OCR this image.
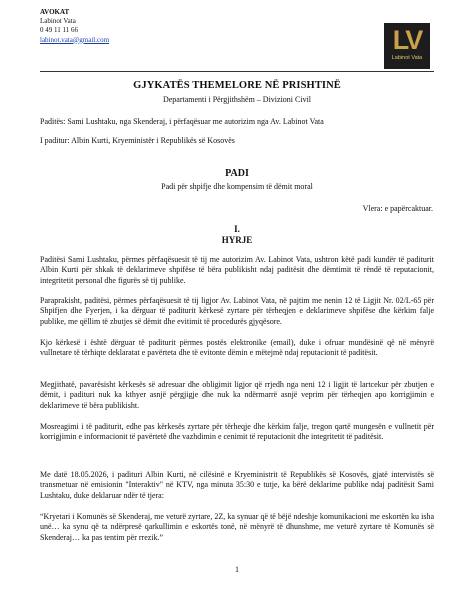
AVOKAT
Labinot Vata
0 49 11 11 66
labinot.vata@gmail.com	LV
Labinot Vata
GJYKATËS THEMELORE NË PRISHTINË
Departamenti i Përgjithshëm – Divizioni Civil
Paditës: Sami Lushtaku, nga Skenderaj, i përfaqësuar me autorizim nga Av. Labinot Vata
I paditur: Albin Kurti, Kryeministër i Republikës së Kosovës
PADI
Padi për shpifje dhe kompensim të dëmit moral
Vlera: e papërcaktuar.
I.
HYRJE
Paditësi Sami Lushtaku, përmes përfaqësuesit të tij me autorizim Av. Labinot Vata, ushtron këtë padi kundër të paditurit Albin Kurti për shkak të deklarimeve shpifëse të bëra publikisht ndaj paditësit dhe dëmtimit të rëndë të reputacionit, integritetit personal dhe figurës së tij publike.
Paraprakisht, paditësi, përmes përfaqësuesit të tij ligjor Av. Labinot Vata, në pajtim me nenin 12 të Ligjit Nr. 02/L-65 për Shpifjen dhe Fyerjen, i ka dërguar të paditurit kërkesë zyrtare për tërheqjen e deklarimeve shpifëse dhe kërkim falje publike, me qëllim të zbutjes së dëmit dhe evitimit të procedurës gjyqësore.
Kjo kërkesë i është dërguar të paditurit përmes postës elektronike (email), duke i ofruar mundësinë që në mënyrë vullnetare të tërhiqte deklaratat e pavërteta dhe të evitonte dëmin e mëtejmë ndaj reputacionit të paditësit.
Megjithatë, pavarësisht kërkesës së adresuar dhe obligimit ligjor që rrjedh nga neni 12 i ligjit të lartcekur për zbutjen e dëmit, i padituri nuk ka kthyer asnjë përgjigje dhe nuk ka ndërmarrë asnjë veprim për tërheqjen apo korrigjimin e deklarimeve të bëra publikisht.
Mosreagimi i të paditurit, edhe pas kërkesës zyrtare për tërheqje dhe kërkim falje, tregon qartë mungesën e vullnetit për korrigjimin e informacionit të pavërtetë dhe vazhdimin e cenimit të reputacionit dhe integritetit të paditësit.
Me datë 18.05.2026, i padituri Albin Kurti, në cilësinë e Kryeministrit të Republikës së Kosovës, gjatë intervistës së transmetuar në emisionin "Interaktiv" në KTV, nga minuta 35:30 e tutje, ka bërë deklarime publike ndaj paditësit Sami Lushtaku, duke deklaruar ndër të tjera:
“Kryetari i Komunës së Skenderaj, me veturë zyrtare, 2Z, ka synuar që të bëjë ndeshje komunikacioni me eskortën ku isha unë… ka synu që ta ndërpresë qarkullimin e eskortës tonë, në mënyrë të dhunshme, me veturë zyrtare të Komunës së Skenderaj… ka pas tentim për rrezik.”
1
